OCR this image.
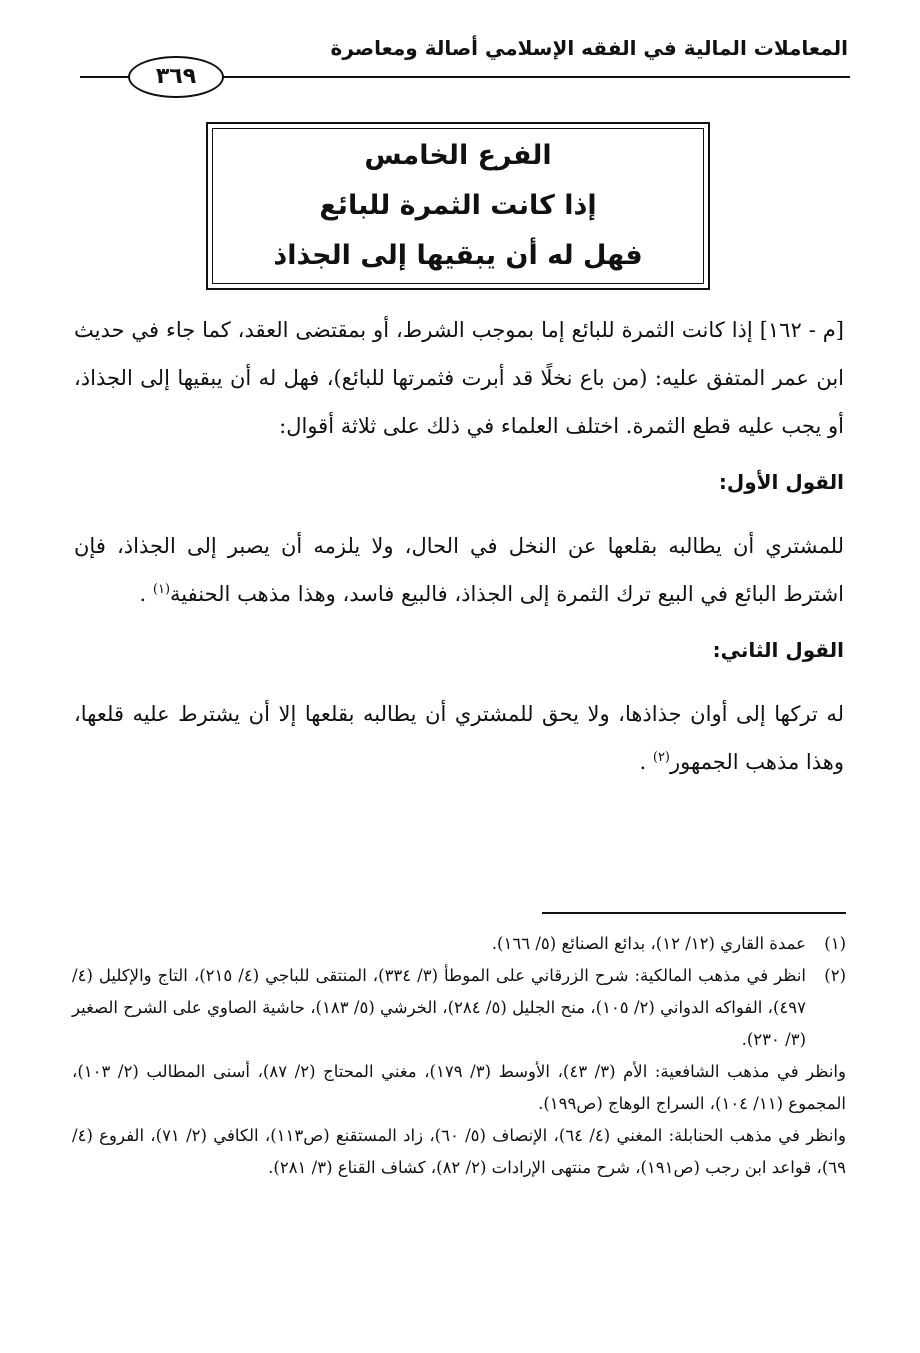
المعاملات المالية في الفقه الإسلامي أصالة ومعاصرة
٣٦٩
الفرع الخامس
إذا كانت الثمرة للبائع
فهل له أن يبقيها إلى الجذاذ

[م - ١٦٢] إذا كانت الثمرة للبائع إما بموجب الشرط، أو بمقتضى العقد، كما جاء في حديث ابن عمر المتفق عليه: (من باع نخلًا قد أبرت فثمرتها للبائع)، فهل له أن يبقيها إلى الجذاذ، أو يجب عليه قطع الثمرة. اختلف العلماء في ذلك على ثلاثة أقوال:

القول الأول:

للمشتري أن يطالبه بقلعها عن النخل في الحال، ولا يلزمه أن يصبر إلى الجذاذ، فإن اشترط البائع في البيع ترك الثمرة إلى الجذاذ، فالبيع فاسد، وهذا مذهب الحنفية$^{(١)}$ .

القول الثاني:

له تركها إلى أوان جذاذها، ولا يحق للمشتري أن يطالبه بقلعها إلا أن يشترط عليه قلعها، وهذا مذهب الجمهور$^{(٢)}$ .

(١)
عمدة القاري (١٢/ ١٢)، بدائع الصنائع (٥/ ١٦٦).

(٢)
انظر في مذهب المالكية: شرح الزرقاني على الموطأ (٣/ ٣٣٤)، المنتقى للباجي (٤/ ٢١٥)، التاج والإكليل (٤/ ٤٩٧)، الفواكه الدواني (٢/ ١٠٥)، منح الجليل (٥/ ٢٨٤)، الخرشي (٥/ ١٨٣)، حاشية الصاوي على الشرح الصغير (٣/ ٢٣٠).

وانظر في مذهب الشافعية: الأم (٣/ ٤٣)، الأوسط (٣/ ١٧٩)، مغني المحتاج (٢/ ٨٧)، أسنى المطالب (٢/ ١٠٣)، المجموع (١١/ ١٠٤)، السراج الوهاج (ص١٩٩).

وانظر في مذهب الحنابلة: المغني (٤/ ٦٤)، الإنصاف (٥/ ٦٠)، زاد المستقنع (ص١١٣)، الكافي (٢/ ٧١)، الفروع (٤/ ٦٩)، قواعد ابن رجب (ص١٩١)، شرح منتهى الإرادات (٢/ ٨٢)، كشاف القناع (٣/ ٢٨١).
